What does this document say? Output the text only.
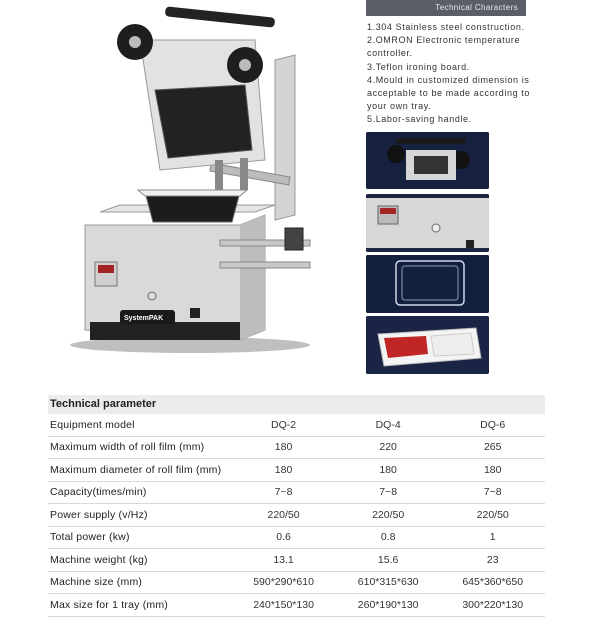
SystemPAK
Technical Characters
1.304 Stainless steel construction.
2.OMRON Electronic temperature controller.
3.Teflon ironing board.
4.Mould in customized dimension is acceptable to be made according to your own tray.
5.Labor-saving handle.
Technical parameter
Equipment model	DQ-2	DQ-4	DQ-6
Maximum width of roll film (mm)	180	220	265
Maximum diameter of roll film (mm)	180	180	180
Capacity(times/min)	7~8	7~8	7~8
Power supply (v/Hz)	220/50	220/50	220/50
Total power (kw)	0.6	0.8	1
Machine weight (kg)	13.1	15.6	23
Machine size (mm)	590*290*610	610*315*630	645*360*650
Max size for 1 tray (mm)	240*150*130	260*190*130	300*220*130
